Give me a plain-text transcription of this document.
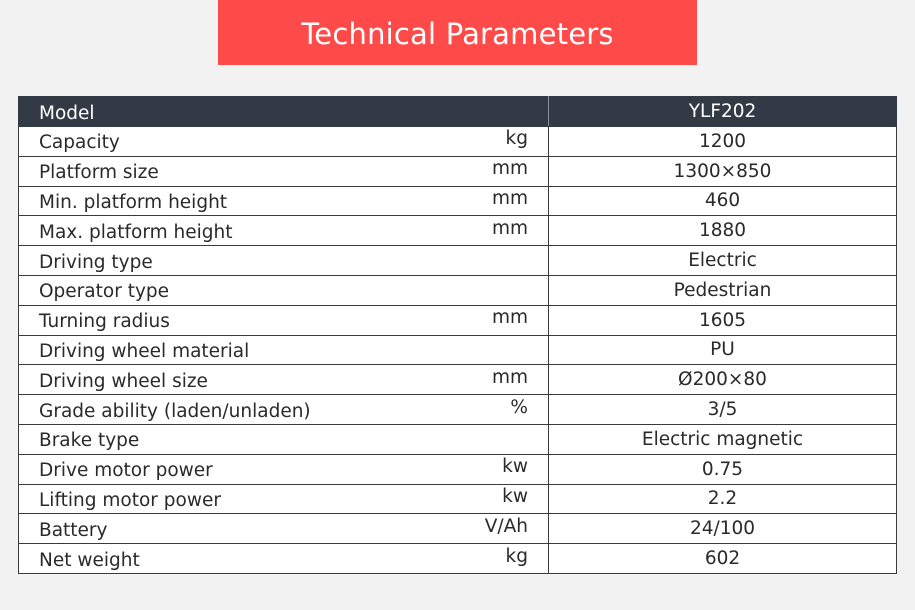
Technical Parameters
Model	YLF202

Capacity kg	1200

Platform size mm	1300×850

Min. platform height mm	460

Max. platform height mm	1880

Driving type	Electric

Operator type	Pedestrian

Turning radius mm	1605

Driving wheel material	PU

Driving wheel size mm	Ø200×80

Grade ability (laden/unladen) %	3/5

Brake type	Electric magnetic

Drive motor power kw	0.75

Lifting motor power kw	2.2

Battery V/Ah	24/100

Net weight kg	602
